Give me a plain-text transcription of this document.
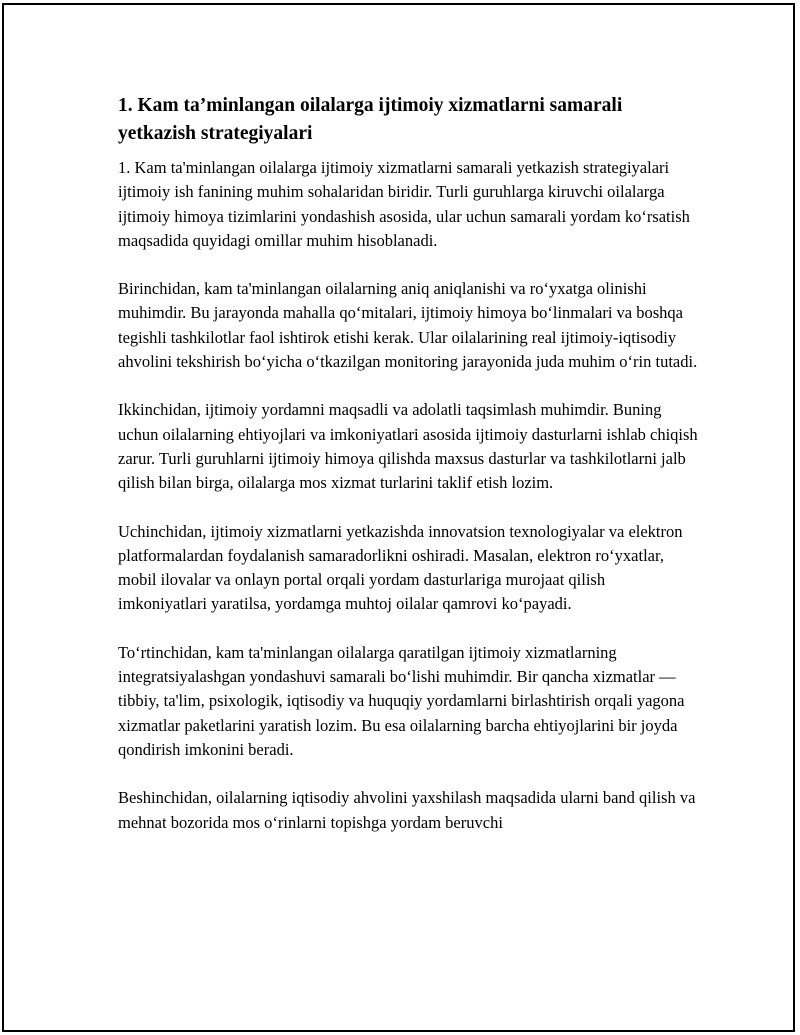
1. Kam ta’minlangan oilalarga ijtimoiy xizmatlarni samarali yetkazish strategiyalari

1. Kam ta'minlangan oilalarga ijtimoiy xizmatlarni samarali yetkazish strategiyalari ijtimoiy ish fanining muhim sohalaridan biridir. Turli guruhlarga kiruvchi oilalarga ijtimoiy himoya tizimlarini yondashish asosida, ular uchun samarali yordam ko‘rsatish maqsadida quyidagi omillar muhim hisoblanadi.

Birinchidan, kam ta'minlangan oilalarning aniq aniqlanishi va ro‘yxatga olinishi muhimdir. Bu jarayonda mahalla qo‘mitalari, ijtimoiy himoya bo‘linmalari va boshqa tegishli tashkilotlar faol ishtirok etishi kerak. Ular oilalarining real ijtimoiy-iqtisodiy ahvolini tekshirish bo‘yicha o‘tkazilgan monitoring jarayonida juda muhim o‘rin tutadi.

Ikkinchidan, ijtimoiy yordamni maqsadli va adolatli taqsimlash muhimdir. Buning uchun oilalarning ehtiyojlari va imkoniyatlari asosida ijtimoiy dasturlarni ishlab chiqish zarur. Turli guruhlarni ijtimoiy himoya qilishda maxsus dasturlar va tashkilotlarni jalb qilish bilan birga, oilalarga mos xizmat turlarini taklif etish lozim.

Uchinchidan, ijtimoiy xizmatlarni yetkazishda innovatsion texnologiyalar va elektron platformalardan foydalanish samaradorlikni oshiradi. Masalan, elektron ro‘yxatlar, mobil ilovalar va onlayn portal orqali yordam dasturlariga murojaat qilish imkoniyatlari yaratilsa, yordamga muhtoj oilalar qamrovi ko‘payadi.

To‘rtinchidan, kam ta'minlangan oilalarga qaratilgan ijtimoiy xizmatlarning integratsiyalashgan yondashuvi samarali bo‘lishi muhimdir. Bir qancha xizmatlar — tibbiy, ta'lim, psixologik, iqtisodiy va huquqiy yordamlarni birlashtirish orqali yagona xizmatlar paketlarini yaratish lozim. Bu esa oilalarning barcha ehtiyojlarini bir joyda qondirish imkonini beradi.

Beshinchidan, oilalarning iqtisodiy ahvolini yaxshilash maqsadida ularni band qilish va mehnat bozorida mos o‘rinlarni topishga yordam beruvchi
